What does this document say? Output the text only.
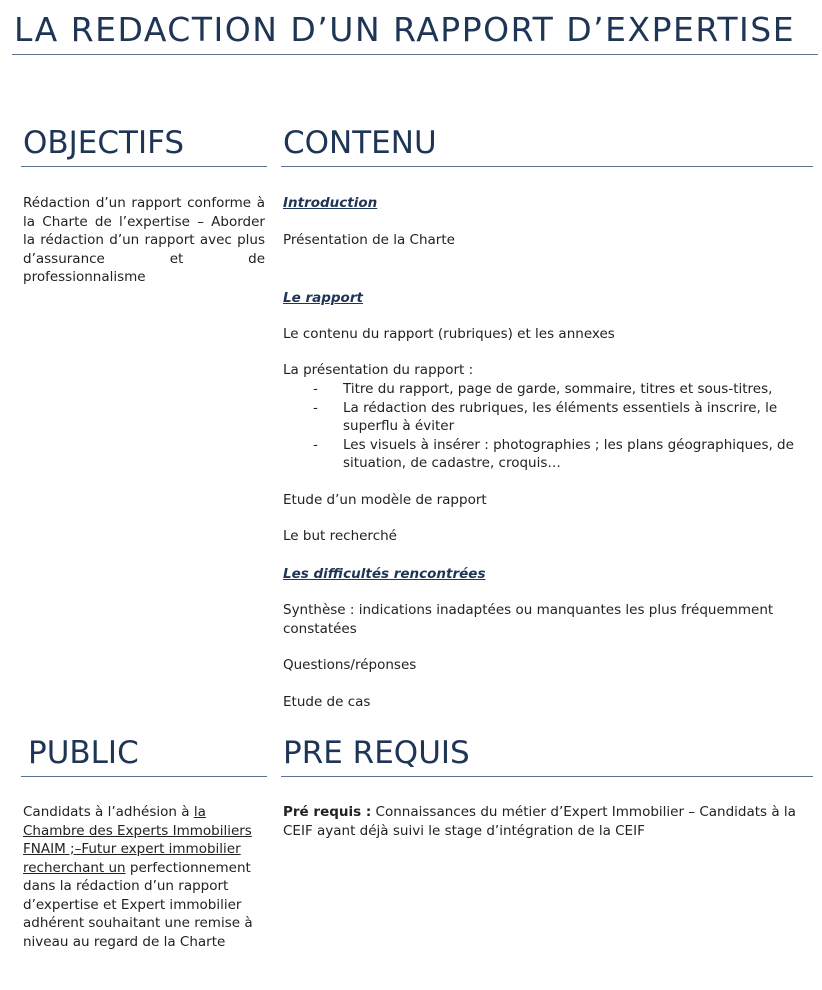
LA REDACTION D’UN RAPPORT D’EXPERTISE
OBJECTIFS
Rédaction d’un rapport conforme à la Charte de l’expertise – Aborder la rédaction d’un rapport avec plus d’assurance et de professionnalisme
CONTENU
Introduction
Présentation de la Charte
Le rapport
Le contenu du rapport (rubriques) et les annexes
La présentation du rapport :
- Titre du rapport, page de garde, sommaire, titres et sous-titres,
- La rédaction des rubriques, les éléments essentiels à inscrire, le superflu à éviter
- Les visuels à insérer : photographies ; les plans géographiques, de situation, de cadastre, croquis…
Etude d’un modèle de rapport
Le but recherché
Les difficultés rencontrées
Synthèse : indications inadaptées ou manquantes les plus fréquemment constatées
Questions/réponses
Etude de cas
PUBLIC
Candidats à l’adhésion à la Chambre des Experts Immobiliers FNAIM ;–Futur expert immobilier recherchant un perfectionnement dans la rédaction d’un rapport d’expertise et Expert immobilier adhérent souhaitant une remise à niveau au regard de la Charte
PRE REQUIS
Pré requis : Connaissances du métier d’Expert Immobilier – Candidats à la CEIF ayant déjà suivi le stage d’intégration de la CEIF
